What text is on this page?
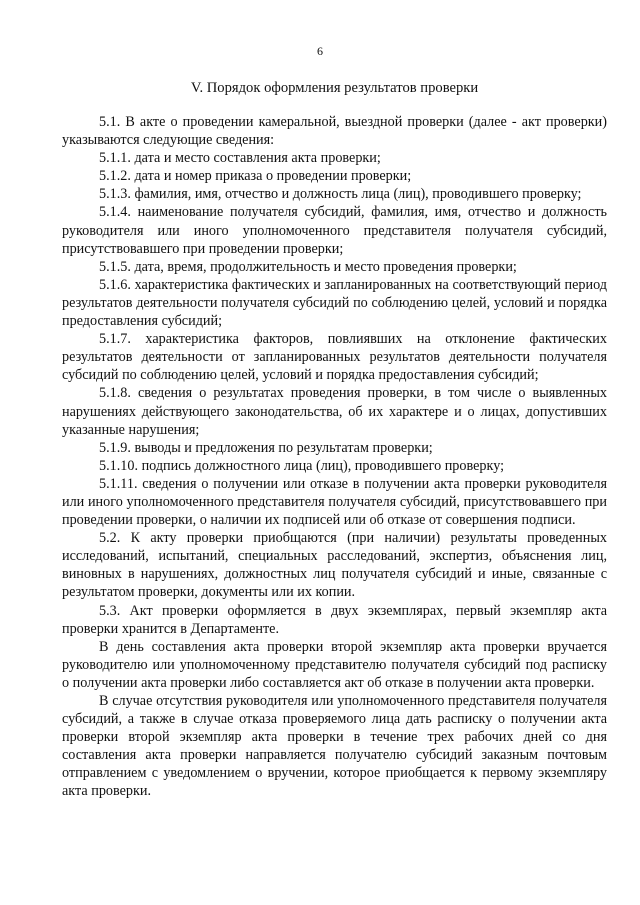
6
V. Порядок оформления результатов проверки

5.1. В акте о проведении камеральной, выездной проверки (далее - акт проверки) указываются следующие сведения:

5.1.1. дата и место составления акта проверки;

5.1.2. дата и номер приказа о проведении проверки;

5.1.3. фамилия, имя, отчество и должность лица (лиц), проводившего проверку;

5.1.4. наименование получателя субсидий, фамилия, имя, отчество и должность руководителя или иного уполномоченного представителя получателя субсидий, присутствовавшего при проведении проверки;

5.1.5. дата, время, продолжительность и место проведения проверки;

5.1.6. характеристика фактических и запланированных на соответствующий период результатов деятельности получателя субсидий по соблюдению целей, условий и порядка предоставления субсидий;

5.1.7. характеристика факторов, повлиявших на отклонение фактических результатов деятельности от запланированных результатов деятельности получателя субсидий по соблюдению целей, условий и порядка предоставления субсидий;

5.1.8. сведения о результатах проведения проверки, в том числе о выявленных нарушениях действующего законодательства, об их характере и о лицах, допустивших указанные нарушения;

5.1.9. выводы и предложения по результатам проверки;

5.1.10. подпись должностного лица (лиц), проводившего проверку;

5.1.11. сведения о получении или отказе в получении акта проверки руководителя или иного уполномоченного представителя получателя субсидий, присутствовавшего при проведении проверки, о наличии их подписей или об отказе от совершения подписи.

5.2. К акту проверки приобщаются (при наличии) результаты проведенных исследований, испытаний, специальных расследований, экспертиз, объяснения лиц, виновных в нарушениях, должностных лиц получателя субсидий и иные, связанные с результатом проверки, документы или их копии.

5.3. Акт проверки оформляется в двух экземплярах, первый экземпляр акта проверки хранится в Департаменте.

В день составления акта проверки второй экземпляр акта проверки вручается руководителю или уполномоченному представителю получателя субсидий под расписку о получении акта проверки либо составляется акт об отказе в получении акта проверки.

В случае отсутствия руководителя или уполномоченного представителя получателя субсидий, а также в случае отказа проверяемого лица дать расписку о получении акта проверки второй экземпляр акта проверки в течение трех рабочих дней со дня составления акта проверки направляется получателю субсидий заказным почтовым отправлением с уведомлением о вручении, которое приобщается к первому экземпляру акта проверки.
